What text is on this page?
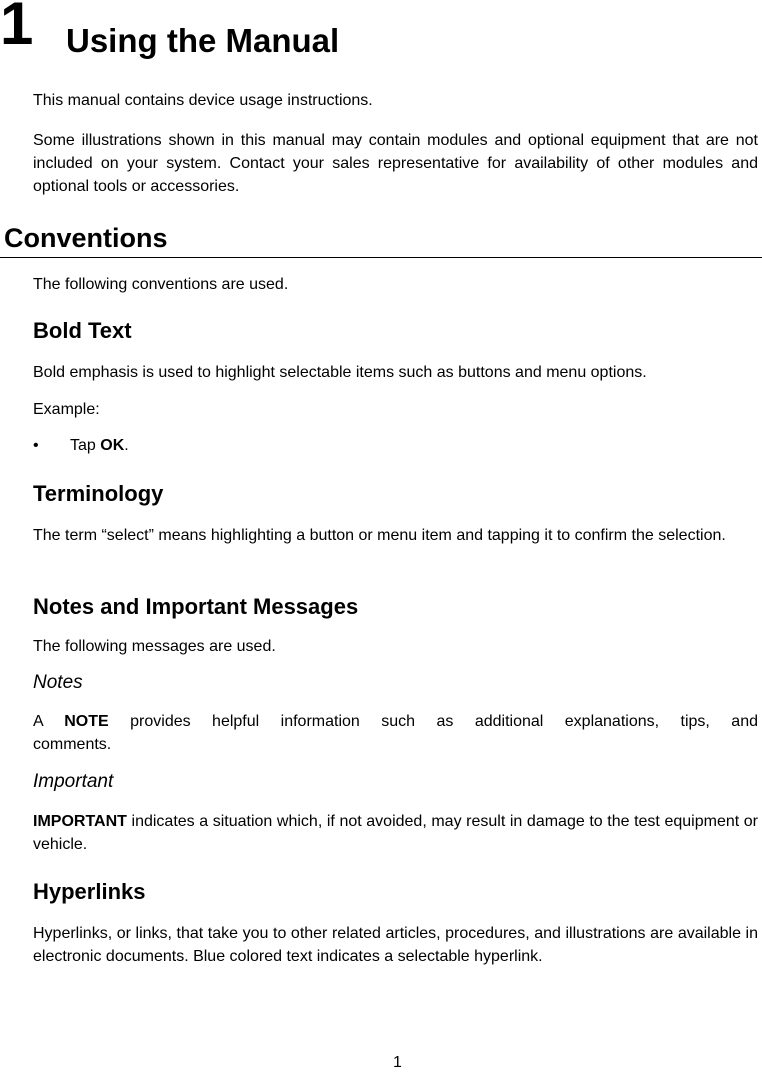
1 Using the Manual

This manual contains device usage instructions.

Some illustrations shown in this manual may contain modules and optional equipment that are not included on your system. Contact your sales representative for availability of other modules and optional tools or accessories.

Conventions

The following conventions are used.

Bold Text

Bold emphasis is used to highlight selectable items such as buttons and menu options.

Example:

• Tap OK.
Terminology

The term “select” means highlighting a button or menu item and tapping it to confirm the selection.

Notes and Important Messages

The following messages are used.

Notes

A NOTE provides helpful information such as additional explanations, tips, and comments.

Important

IMPORTANT indicates a situation which, if not avoided, may result in damage to the test equipment or vehicle.

Hyperlinks

Hyperlinks, or links, that take you to other related articles, procedures, and illustrations are available in electronic documents. Blue colored text indicates a selectable hyperlink.

1
